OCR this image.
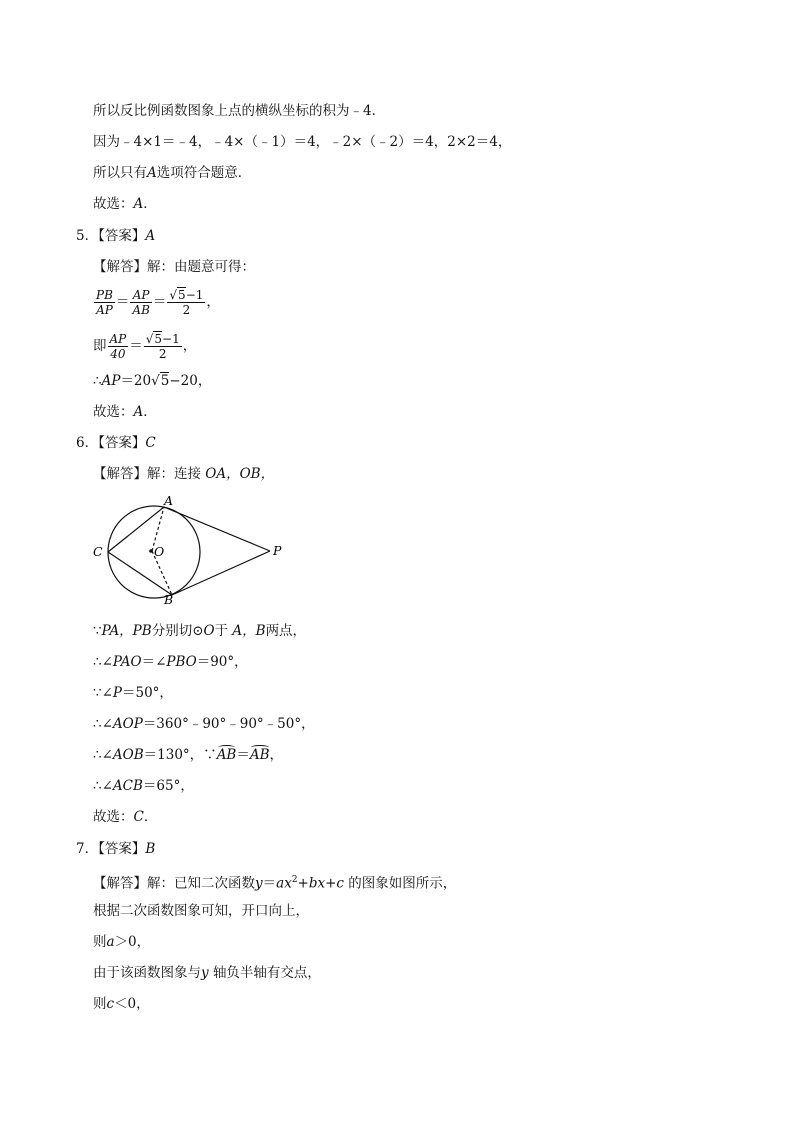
所以反比例函数图象上点的横纵坐标的积为﹣4．
因为﹣4×1＝﹣4，﹣4×（﹣1）＝4，﹣2×（﹣2）＝4，2×2＝4，
所以只有A选项符合题意．
故选：A．
5．【答案】A
【解答】解：由题意可得：
$\frac{PB}{AP} = \frac{AP}{AB} = \frac{√5-1}{2}$ ，
即 $\frac{AP}{40} = \frac{√5-1}{2}$ ，
∴AP＝20√5−20，
故选：A．
6．【答案】C
【解答】解：连接 OA，OB，
A
B
C	O	P
∵PA，PB分别切⊙O于 A，B两点，
∴∠PAO＝∠PBO＝90°，
∵∠P＝50°，
∴∠AOP＝360°﹣90°﹣90°﹣50°，
∴∠AOB＝130°，∵AB＝AB，
∴∠ACB＝65°，
故选：C．
7．【答案】B
【解答】解：已知二次函数$y=ax^2+bx+c$ 的图象如图所示，
根据二次函数图象可知，开口向上，
则a＞0，
由于该函数图象与y 轴负半轴有交点，
则c＜0，
